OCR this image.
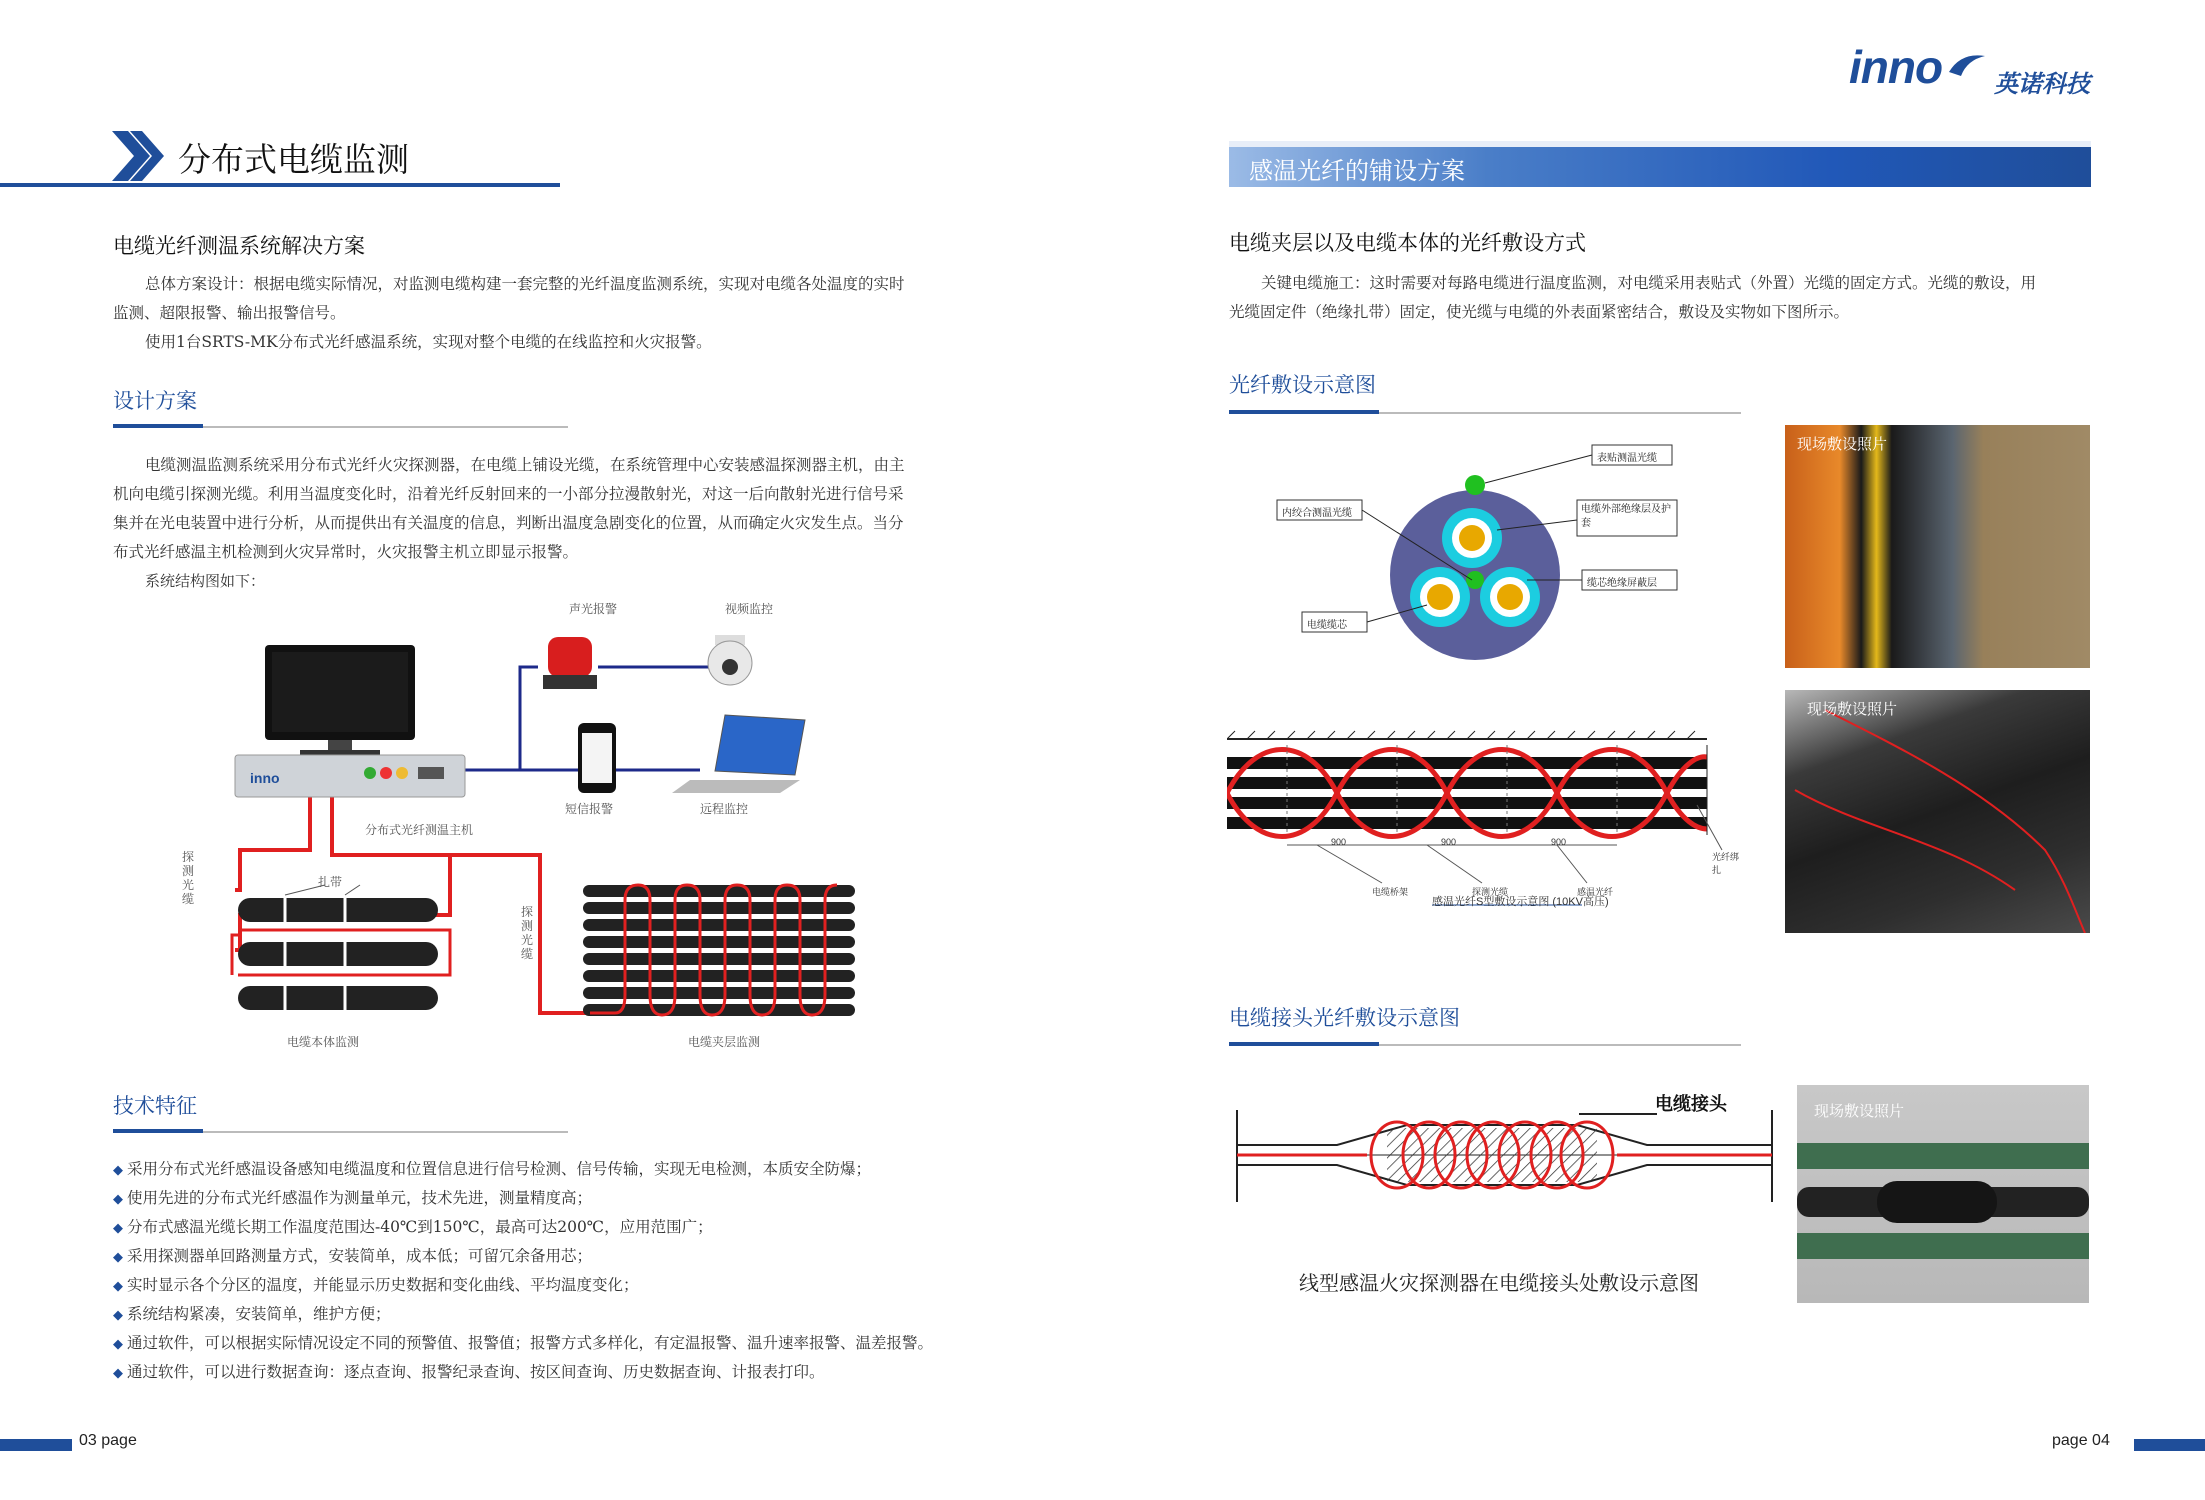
分布式电缆监测
电缆光纤测温系统解决方案
总体方案设计：根据电缆实际情况，对监测电缆构建一套完整的光纤温度监测系统，实现对电缆各处温度的实时
监测、超限报警、输出报警信号。
使用1台SRTS-MK分布式光纤感温系统，实现对整个电缆的在线监控和火灾报警。
设计方案
电缆测温监测系统采用分布式光纤火灾探测器，在电缆上铺设光缆，在系统管理中心安装感温探测器主机，由主
机向电缆引探测光缆。利用当温度变化时，沿着光纤反射回来的一小部分拉漫散射光，对这一后向散射光进行信号采
集并在光电装置中进行分析，从而提供出有关温度的信息，判断出温度急剧变化的位置，从而确定火灾发生点。当分
布式光纤感温主机检测到火灾异常时，火灾报警主机立即显示报警。
系统结构图如下：
inno
声光报警	视频监控
短信报警	远程监控
分布式光纤测温主机
探测光缆
探测光缆
扎带
电缆本体监测	电缆夹层监测
技术特征
◆ 采用分布式光纤感温设备感知电缆温度和位置信息进行信号检测、信号传输，实现无电检测，本质安全防爆；
◆ 使用先进的分布式光纤感温作为测量单元，技术先进，测量精度高；
◆ 分布式感温光缆长期工作温度范围达-40℃到150℃，最高可达200℃，应用范围广；
◆ 采用探测器单回路测量方式，安装简单，成本低；可留冗余备用芯；
◆ 实时显示各个分区的温度，并能显示历史数据和变化曲线、平均温度变化；
◆ 系统结构紧凑，安装简单，维护方便；
◆ 通过软件，可以根据实际情况设定不同的预警值、报警值；报警方式多样化，有定温报警、温升速率报警、温差报警。
◆ 通过软件，可以进行数据查询：逐点查询、报警纪录查询、按区间查询、历史数据查询、计报表打印。
03 page
inno 英诺科技
感温光纤的铺设方案
电缆夹层以及电缆本体的光纤敷设方式
关键电缆施工：这时需要对每路电缆进行温度监测，对电缆采用表贴式（外置）光缆的固定方式。光缆的敷设，用
光缆固定件（绝缘扎带）固定，使光缆与电缆的外表面紧密结合，敷设及实物如下图所示。
光纤敷设示意图
表贴测温光缆
内绞合测温光缆	电缆外部绝缘层及护套
缆芯绝缘屏蔽层
电缆缆芯
900	900	900
电缆桥架	探测光缆	感温光纤
光纤绑扎
感温光纤S型敷设示意图 (10KV高压)
现场敷设照片
现场敷设照片
电缆接头光纤敷设示意图
电缆接头
线型感温火灾探测器在电缆接头处敷设示意图
现场敷设照片
page 04
